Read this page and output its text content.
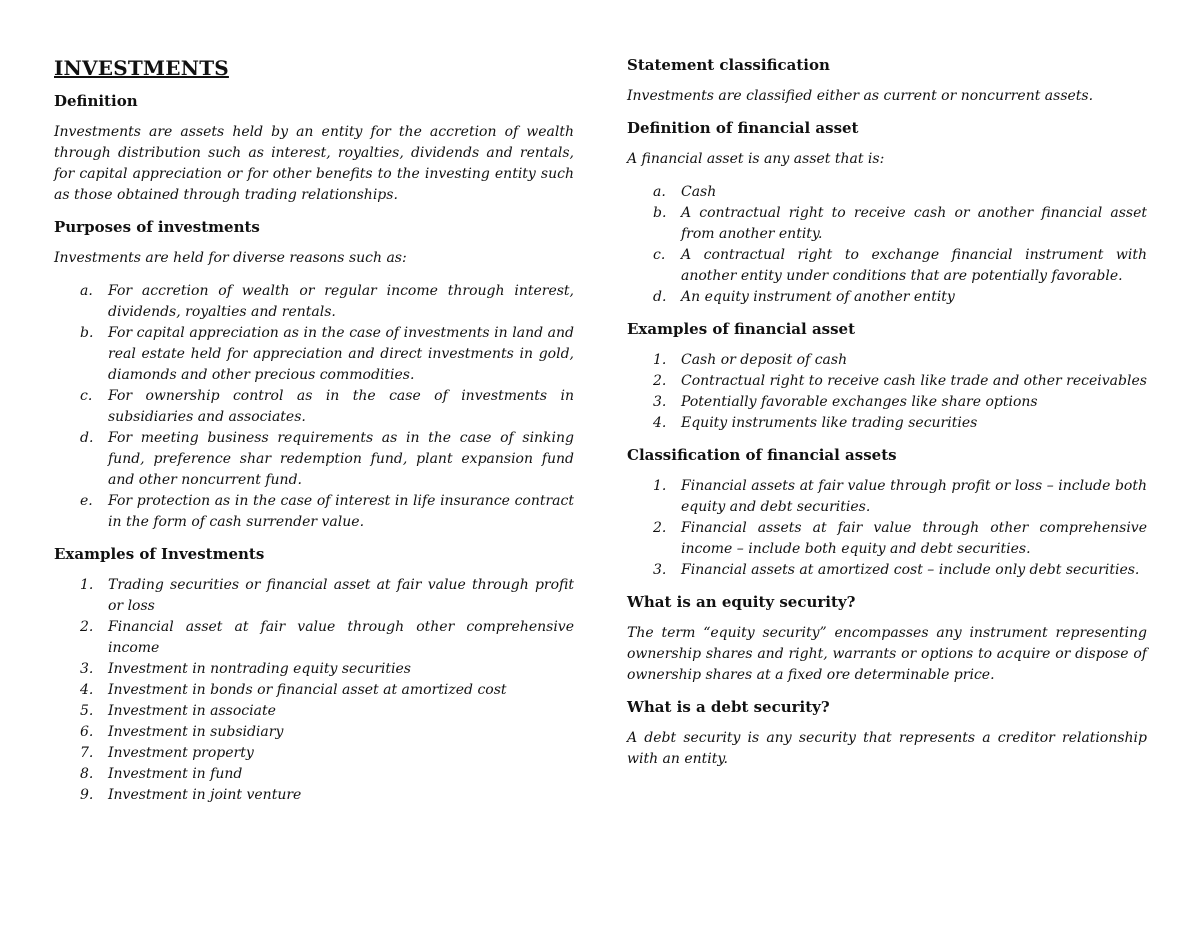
INVESTMENTS
Definition

Investments are assets held by an entity for the accretion of wealth through distribution such as interest, royalties, dividends and rentals, for capital appreciation or for other benefits to the investing entity such as those obtained through trading relationships.

Purposes of investments

Investments are held for diverse reasons such as:

a. For accretion of wealth or regular income through interest, dividends, royalties and rentals.
b. For capital appreciation as in the case of investments in land and real estate held for appreciation and direct investments in gold, diamonds and other precious commodities.
c. For ownership control as in the case of investments in subsidiaries and associates.
d. For meeting business requirements as in the case of sinking fund, preference shar redemption fund, plant expansion fund and other noncurrent fund.
e. For protection as in the case of interest in life insurance contract in the form of cash surrender value.
Examples of Investments
1. Trading securities or financial asset at fair value through profit or loss
2. Financial asset at fair value through other comprehensive income
3. Investment in nontrading equity securities
4. Investment in bonds or financial asset at amortized cost
5. Investment in associate
6. Investment in subsidiary
7. Investment property
8. Investment in fund
9. Investment in joint venture
Statement classification

Investments are classified either as current or noncurrent assets.

Definition of financial asset

A financial asset is any asset that is:

a. Cash
b. A contractual right to receive cash or another financial asset from another entity.
c. A contractual right to exchange financial instrument with another entity under conditions that are potentially favorable.
d. An equity instrument of another entity
Examples of financial asset
1. Cash or deposit of cash
2. Contractual right to receive cash like trade and other receivables
3. Potentially favorable exchanges like share options
4. Equity instruments like trading securities
Classification of financial assets
1. Financial assets at fair value through profit or loss – include both equity and debt securities.
2. Financial assets at fair value through other comprehensive income – include both equity and debt securities.
3. Financial assets at amortized cost – include only debt securities.
What is an equity security?

The term “equity security” encompasses any instrument representing ownership shares and right, warrants or options to acquire or dispose of ownership shares at a fixed ore determinable price.

What is a debt security?

A debt security is any security that represents a creditor relationship with an entity.
